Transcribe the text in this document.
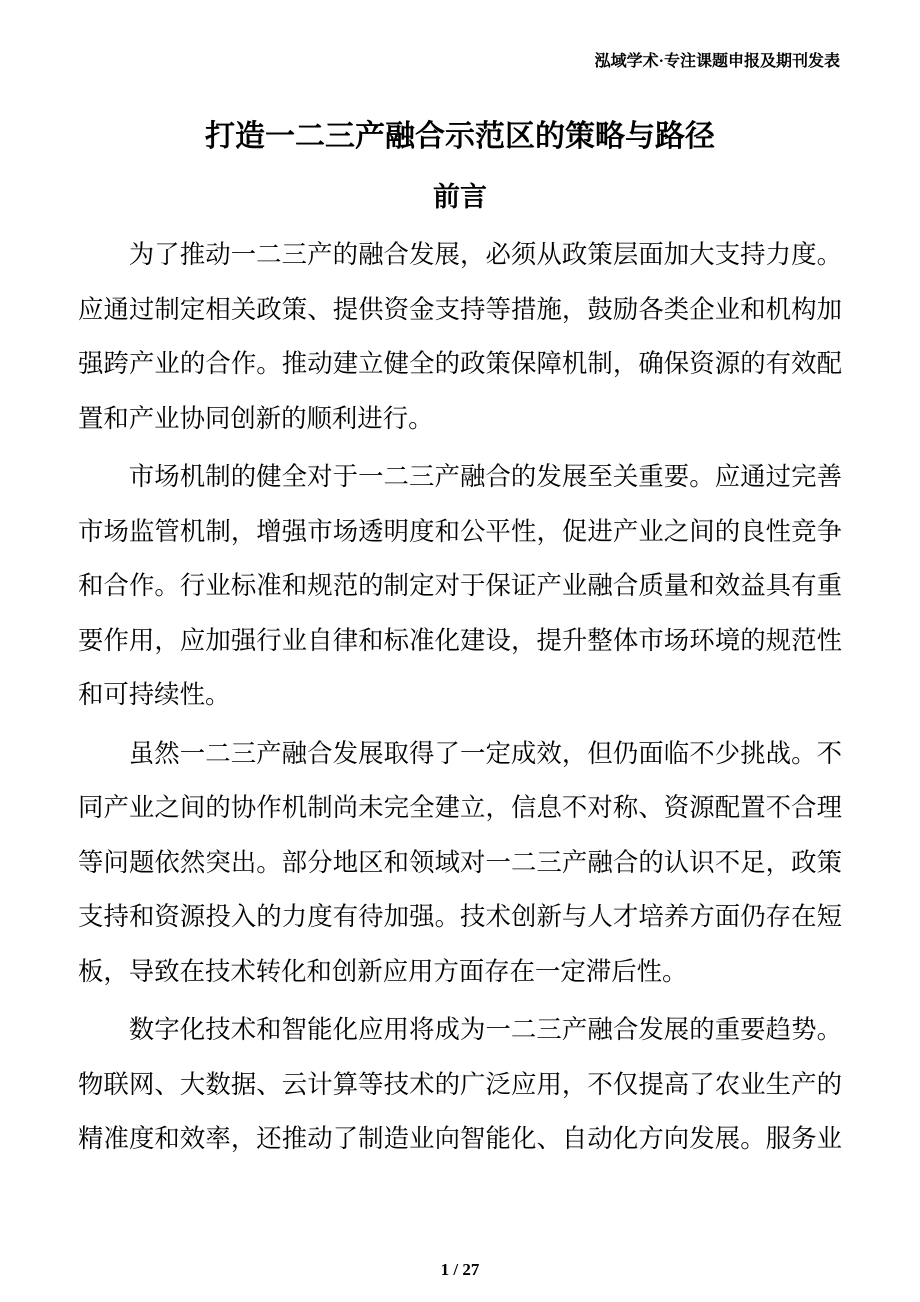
泓域学术·专注课题申报及期刊发表
打造一二三产融合示范区的策略与路径
前言
为了推动一二三产的融合发展，必须从政策层面加大支持力度。
应通过制定相关政策、提供资金支持等措施，鼓励各类企业和机构加
强跨产业的合作。推动建立健全的政策保障机制，确保资源的有效配
置和产业协同创新的顺利进行。
市场机制的健全对于一二三产融合的发展至关重要。应通过完善
市场监管机制，增强市场透明度和公平性，促进产业之间的良性竞争
和合作。行业标准和规范的制定对于保证产业融合质量和效益具有重
要作用，应加强行业自律和标准化建设，提升整体市场环境的规范性
和可持续性。
虽然一二三产融合发展取得了一定成效，但仍面临不少挑战。不
同产业之间的协作机制尚未完全建立，信息不对称、资源配置不合理
等问题依然突出。部分地区和领域对一二三产融合的认识不足，政策
支持和资源投入的力度有待加强。技术创新与人才培养方面仍存在短
板，导致在技术转化和创新应用方面存在一定滞后性。
数字化技术和智能化应用将成为一二三产融合发展的重要趋势。
物联网、大数据、云计算等技术的广泛应用，不仅提高了农业生产的
精准度和效率，还推动了制造业向智能化、自动化方向发展。服务业
1 / 27
